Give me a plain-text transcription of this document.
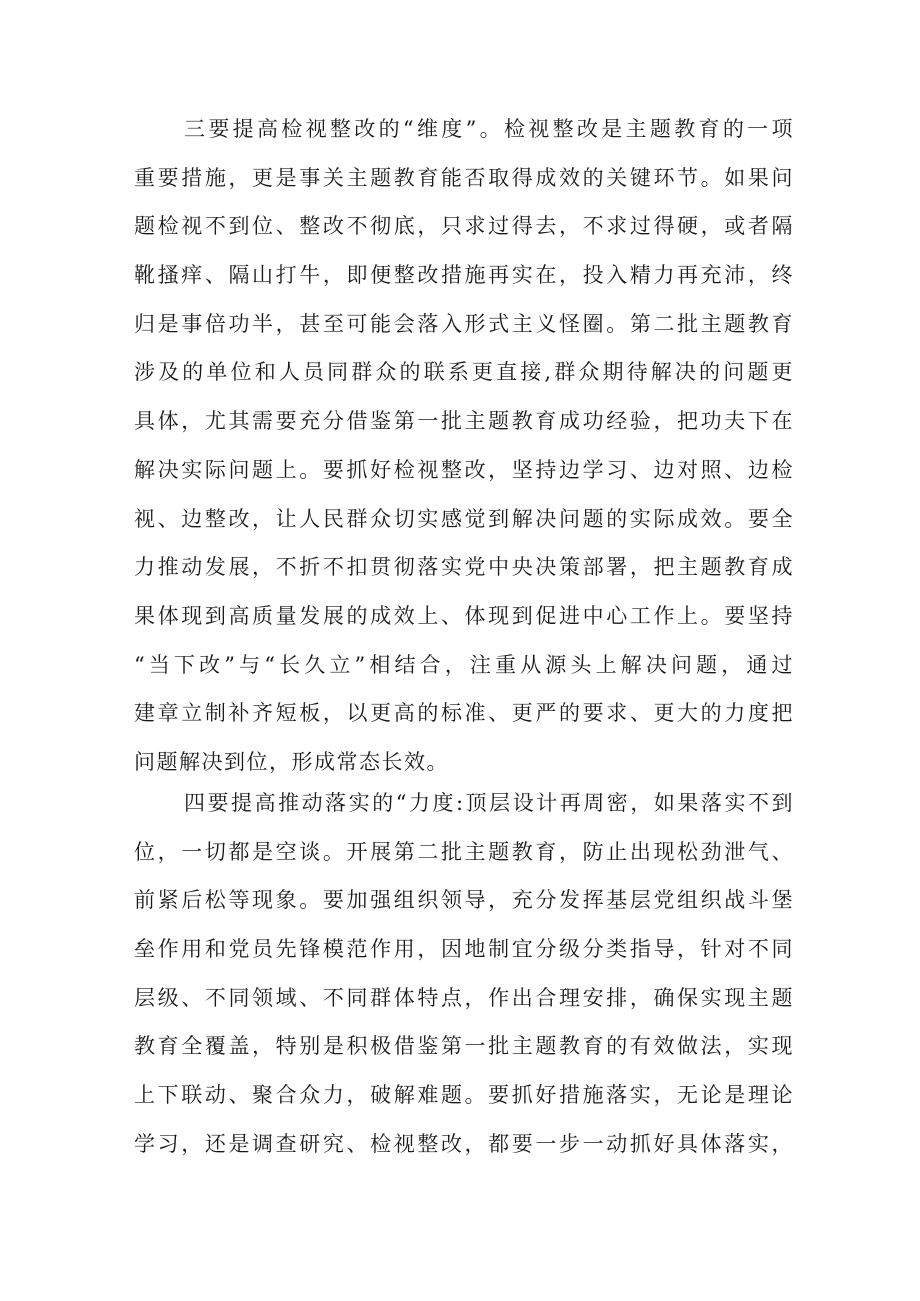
三要提高检视整改的“维度”。检视整改是主题教育的一项
重要措施，更是事关主题教育能否取得成效的关键环节。如果问
题检视不到位、整改不彻底，只求过得去，不求过得硬，或者隔
靴搔痒、隔山打牛，即便整改措施再实在，投入精力再充沛，终
归是事倍功半，甚至可能会落入形式主义怪圈。第二批主题教育
涉及的单位和人员同群众的联系更直接,群众期待解决的问题更
具体，尤其需要充分借鉴第一批主题教育成功经验，把功夫下在
解决实际问题上。要抓好检视整改，坚持边学习、边对照、边检
视、边整改，让人民群众切实感觉到解决问题的实际成效。要全
力推动发展，不折不扣贯彻落实党中央决策部署，把主题教育成
果体现到高质量发展的成效上、体现到促进中心工作上。要坚持
“当下改”与“长久立”相结合，注重从源头上解决问题，通过
建章立制补齐短板，以更高的标准、更严的要求、更大的力度把
问题解决到位，形成常态长效。
四要提高推动落实的“力度:顶层设计再周密，如果落实不到
位，一切都是空谈。开展第二批主题教育，防止出现松劲泄气、
前紧后松等现象。要加强组织领导，充分发挥基层党组织战斗堡
垒作用和党员先锋模范作用，因地制宜分级分类指导，针对不同
层级、不同领域、不同群体特点，作出合理安排，确保实现主题
教育全覆盖，特别是积极借鉴第一批主题教育的有效做法，实现
上下联动、聚合众力，破解难题。要抓好措施落实，无论是理论
学习，还是调查研究、检视整改，都要一步一动抓好具体落实，
